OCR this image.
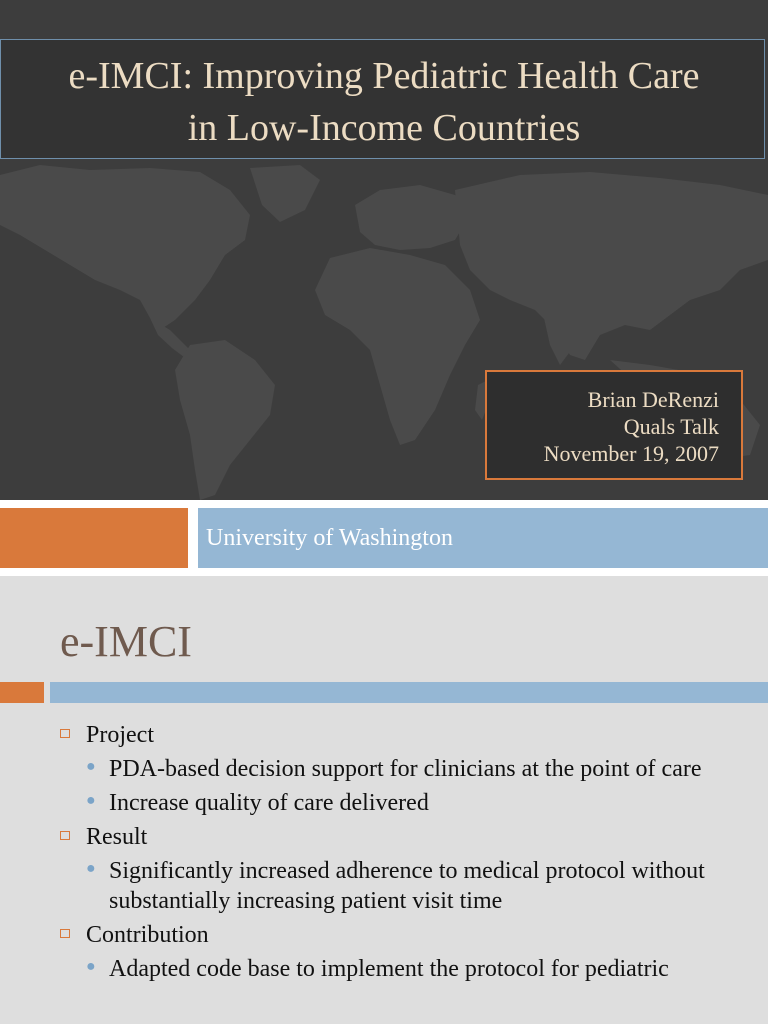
e-IMCI: Improving Pediatric Health Care
in Low-Income Countries
Brian DeRenzi
Quals Talk
November 19, 2007
University of Washington
e-IMCI
Project
● PDA-based decision support for clinicians at the point of care
● Increase quality of care delivered
Result
● Significantly increased adherence to medical protocol without substantially increasing patient visit time
Contribution
● Adapted code base to implement the protocol for pediatric
